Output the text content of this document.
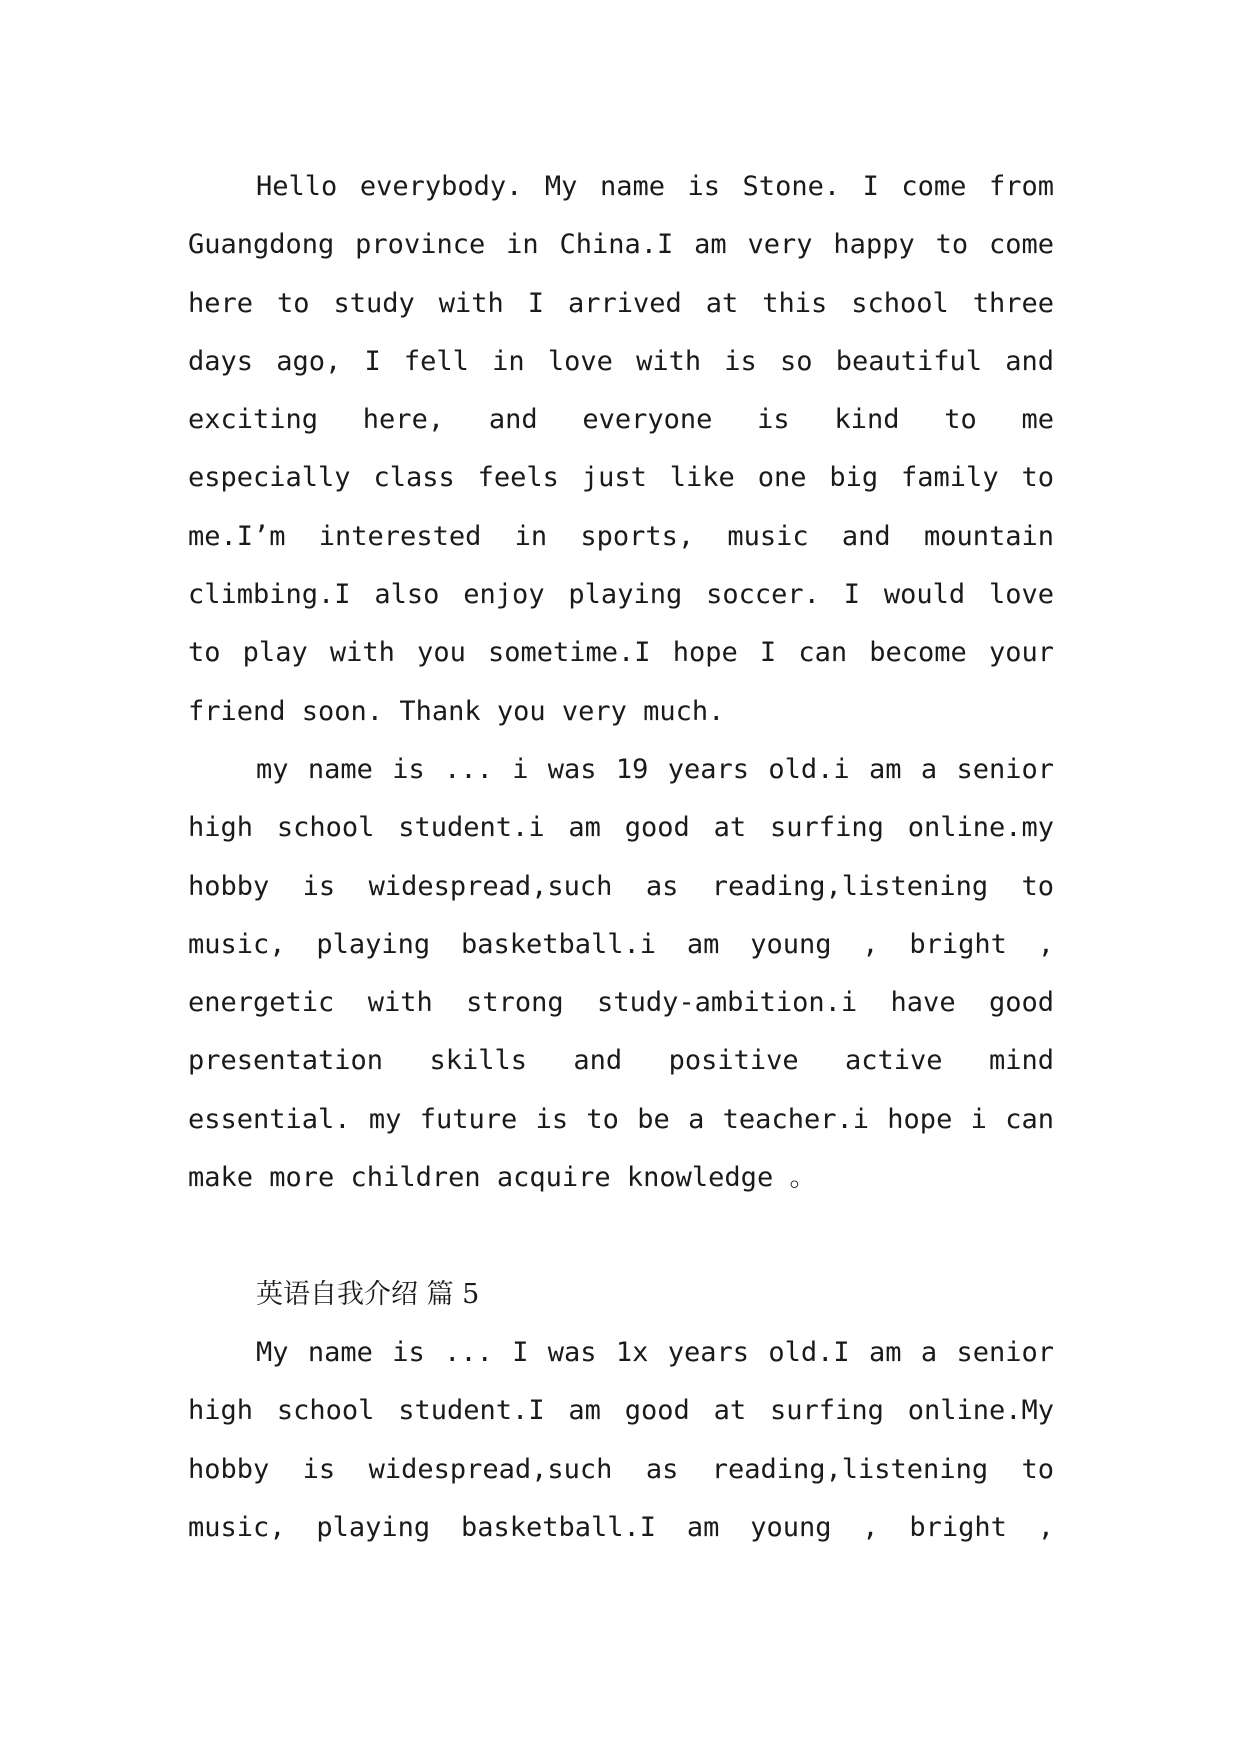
Hello everybody. My name is Stone. I come from
Guangdong province in China.I am very happy to come
here to study with I arrived at this school three
days ago, I fell in love with is so beautiful and
exciting here, and everyone is kind to me
especially class feels just like one big family to
me.I’m interested in sports, music and mountain
climbing.I also enjoy playing soccer. I would love
to play with you sometime.I hope I can become your
friend soon. Thank you very much.
my name is ... i was 19 years old.i am a senior
high school student.i am good at surfing online.my
hobby is widespread,such as reading,listening to
music, playing basketball.i am young , bright ,
energetic with strong study-ambition.i have good
presentation skills and positive active mind
essential. my future is to be a teacher.i hope i can
make more children acquire knowledge 。
英语自我介绍 篇 5
My name is ... I was 1x years old.I am a senior
high school student.I am good at surfing online.My
hobby is widespread,such as reading,listening to
music, playing basketball.I am young , bright ,
